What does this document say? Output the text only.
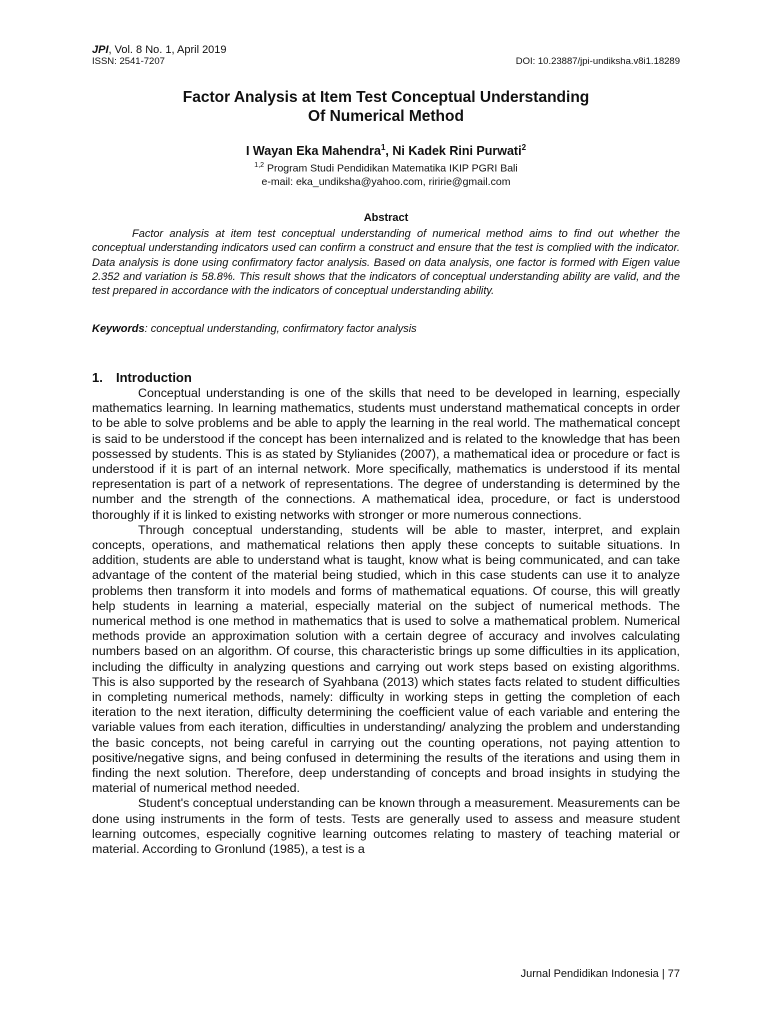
JPI, Vol. 8 No. 1, April 2019
ISSN: 2541-7207	DOI: 10.23887/jpi-undiksha.v8i1.18289
Factor Analysis at Item Test Conceptual Understanding
Of Numerical Method
I Wayan Eka Mahendra$^1$, Ni Kadek Rini Purwati$^2$
$^{1,2}$ Program Studi Pendidikan Matematika IKIP PGRI Bali
e-mail: eka_undiksha@yahoo.com, riririe@gmail.com
Abstract

Factor analysis at item test conceptual understanding of numerical method aims to find out whether the conceptual understanding indicators used can confirm a construct and ensure that the test is complied with the indicator. Data analysis is done using confirmatory factor analysis. Based on data analysis, one factor is formed with Eigen value 2.352 and variation is 58.8%. This result shows that the indicators of conceptual understanding ability are valid, and the test prepared in accordance with the indicators of conceptual understanding ability.

Keywords: conceptual understanding, confirmatory factor analysis
1. Introduction

Conceptual understanding is one of the skills that need to be developed in learning, especially mathematics learning. In learning mathematics, students must understand mathematical concepts in order to be able to solve problems and be able to apply the learning in the real world. The mathematical concept is said to be understood if the concept has been internalized and is related to the knowledge that has been possessed by students. This is as stated by Stylianides (2007), a mathematical idea or procedure or fact is understood if it is part of an internal network. More specifically, mathematics is understood if its mental representation is part of a network of representations. The degree of understanding is determined by the number and the strength of the connections. A mathematical idea, procedure, or fact is understood thoroughly if it is linked to existing networks with stronger or more numerous connections.

Through conceptual understanding, students will be able to master, interpret, and explain concepts, operations, and mathematical relations then apply these concepts to suitable situations. In addition, students are able to understand what is taught, know what is being communicated, and can take advantage of the content of the material being studied, which in this case students can use it to analyze problems then transform it into models and forms of mathematical equations. Of course, this will greatly help students in learning a material, especially material on the subject of numerical methods. The numerical method is one method in mathematics that is used to solve a mathematical problem. Numerical methods provide an approximation solution with a certain degree of accuracy and involves calculating numbers based on an algorithm. Of course, this characteristic brings up some difficulties in its application, including the difficulty in analyzing questions and carrying out work steps based on existing algorithms. This is also supported by the research of Syahbana (2013) which states facts related to student difficulties in completing numerical methods, namely: difficulty in working steps in getting the completion of each iteration to the next iteration, difficulty determining the coefficient value of each variable and entering the variable values from each iteration, difficulties in understanding/ analyzing the problem and understanding the basic concepts, not being careful in carrying out the counting operations, not paying attention to positive/negative signs, and being confused in determining the results of the iterations and using them in finding the next solution. Therefore, deep understanding of concepts and broad insights in studying the material of numerical method needed.

Student's conceptual understanding can be known through a measurement. Measurements can be done using instruments in the form of tests. Tests are generally used to assess and measure student learning outcomes, especially cognitive learning outcomes relating to mastery of teaching material or material. According to Gronlund (1985), a test is a

Jurnal Pendidikan Indonesia | 77
